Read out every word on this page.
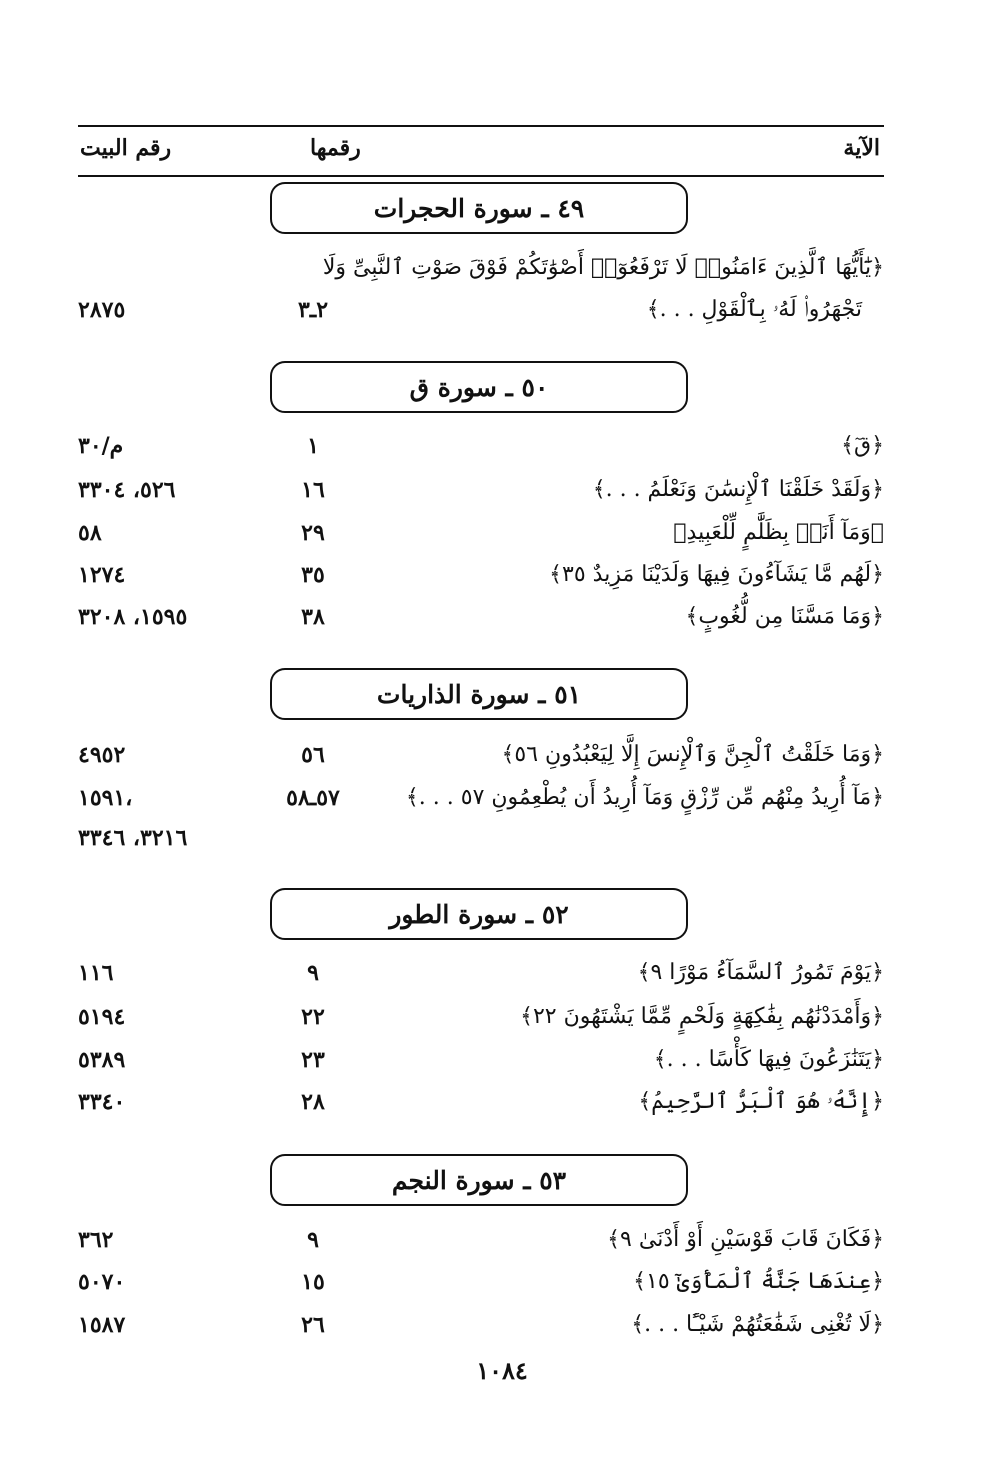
الآية
رقمها
رقم البيت
٤٩ ـ سورة الحجرات
﴿يَٰٓأَيُّهَا ٱلَّذِينَ ءَامَنُوا۟ لَا تَرْفَعُوٓا۟ أَصْوَٰتَكُمْ فَوْقَ صَوْتِ ٱلنَّبِىِّ وَلَا
تَجْهَرُوا۟ لَهُۥ بِٱلْقَوْلِ . . .﴾
٢ـ٣
٢٨٧٥
٥٠ ـ سورة ق
﴿قٓ﴾
١
م/٣٠
﴿وَلَقَدْ خَلَقْنَا ٱلْإِنسَٰنَ وَنَعْلَمُ . . .﴾
١٦
٥٢٦، ٣٣٠٤
﴿وَمَآ أَنَا۠ بِظَلَّٰمٍ لِّلْعَبِيدِ﴾
٢٩
٥٨
﴿لَهُم مَّا يَشَآءُونَ فِيهَا وَلَدَيْنَا مَزِيدٌ ٣٥﴾
٣٥
١٢٧٤
﴿وَمَا مَسَّنَا مِن لُّغُوبٍ﴾
٣٨
١٥٩٥، ٣٢٠٨
٥١ ـ سورة الذاريات
﴿وَمَا خَلَقْتُ ٱلْجِنَّ وَٱلْإِنسَ إِلَّا لِيَعْبُدُونِ ٥٦﴾
٥٦
٤٩٥٢
﴿مَآ أُرِيدُ مِنْهُم مِّن رِّزْقٍ وَمَآ أُرِيدُ أَن يُطْعِمُونِ ٥٧ . . .﴾
٥٧ـ٥٨
١٥٩١،
٣٢١٦، ٣٣٤٦
٥٢ ـ سورة الطور
﴿يَوْمَ تَمُورُ ٱلسَّمَآءُ مَوْرًا ٩﴾
٩
١١٦
﴿وَأَمْدَدْنَٰهُم بِفَٰكِهَةٍ وَلَحْمٍ مِّمَّا يَشْتَهُونَ ٢٢﴾
٢٢
٥١٩٤
﴿يَتَنَٰزَعُونَ فِيهَا كَأْسًا . . .﴾
٢٣
٥٣٨٩
﴿إِنَّهُۥ هُوَ ٱلْبَرُّ ٱلرَّحِيمُ﴾
٢٨
٣٣٤٠
٥٣ ـ سورة النجم
﴿فَكَانَ قَابَ قَوْسَيْنِ أَوْ أَدْنَىٰ ٩﴾
٩
٣٦٢
﴿عِندَهَا جَنَّةُ ٱلْمَأْوَىٰٓ ١٥﴾
١٥
٥٠٧٠
﴿لَا تُغْنِى شَفَٰعَتُهُمْ شَيْـًٔا . . .﴾
٢٦
١٥٨٧
١٠٨٤
